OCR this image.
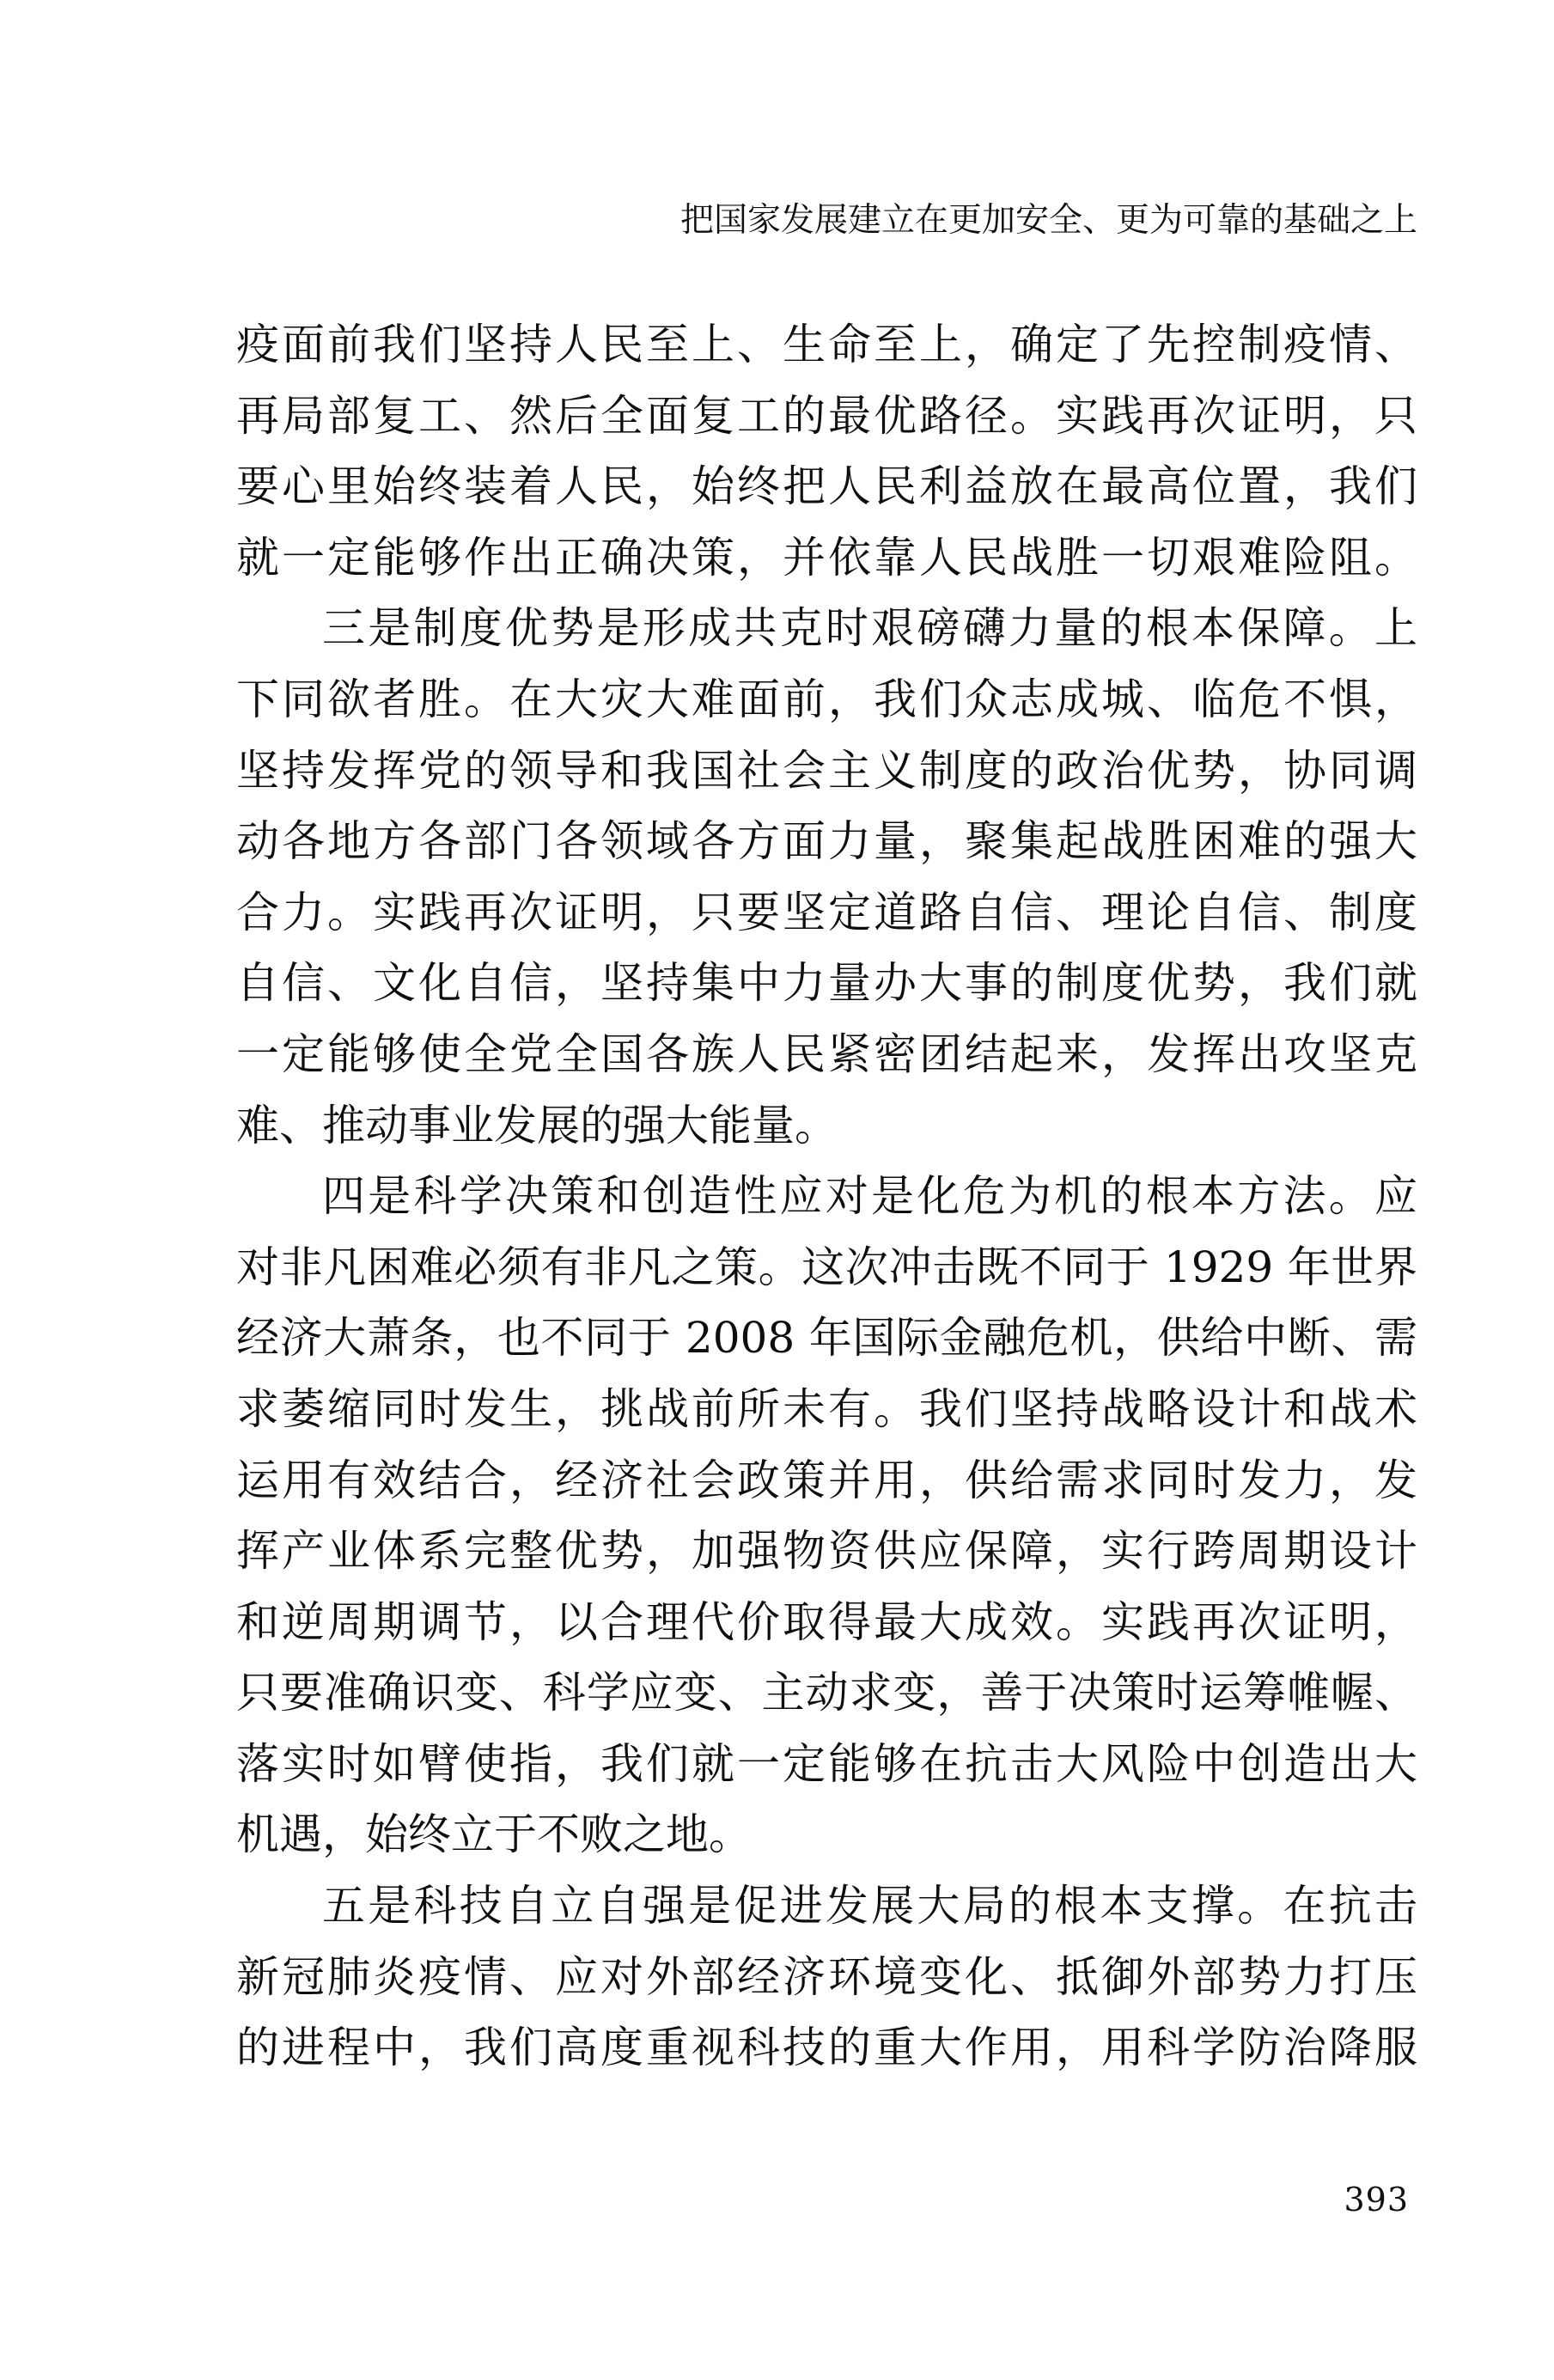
把国家发展建立在更加安全、更为可靠的基础之上
疫面前我们坚持人民至上、生命至上，确定了先控制疫情、
再局部复工、然后全面复工的最优路径。实践再次证明，只
要心里始终装着人民，始终把人民利益放在最高位置，我们
就一定能够作出正确决策，并依靠人民战胜一切艰难险阻。
三是制度优势是形成共克时艰磅礴力量的根本保障。上
下同欲者胜。在大灾大难面前，我们众志成城、临危不惧，
坚持发挥党的领导和我国社会主义制度的政治优势，协同调
动各地方各部门各领域各方面力量，聚集起战胜困难的强大
合力。实践再次证明，只要坚定道路自信、理论自信、制度
自信、文化自信，坚持集中力量办大事的制度优势，我们就
一定能够使全党全国各族人民紧密团结起来，发挥出攻坚克
难、推动事业发展的强大能量。
四是科学决策和创造性应对是化危为机的根本方法。应
对非凡困难必须有非凡之策。这次冲击既不同于 1929 年世界
经济大萧条，也不同于 2008 年国际金融危机，供给中断、需
求萎缩同时发生，挑战前所未有。我们坚持战略设计和战术
运用有效结合，经济社会政策并用，供给需求同时发力，发
挥产业体系完整优势，加强物资供应保障，实行跨周期设计
和逆周期调节，以合理代价取得最大成效。实践再次证明，
只要准确识变、科学应变、主动求变，善于决策时运筹帷幄、
落实时如臂使指，我们就一定能够在抗击大风险中创造出大
机遇，始终立于不败之地。
五是科技自立自强是促进发展大局的根本支撑。在抗击
新冠肺炎疫情、应对外部经济环境变化、抵御外部势力打压
的进程中，我们高度重视科技的重大作用，用科学防治降服
393
